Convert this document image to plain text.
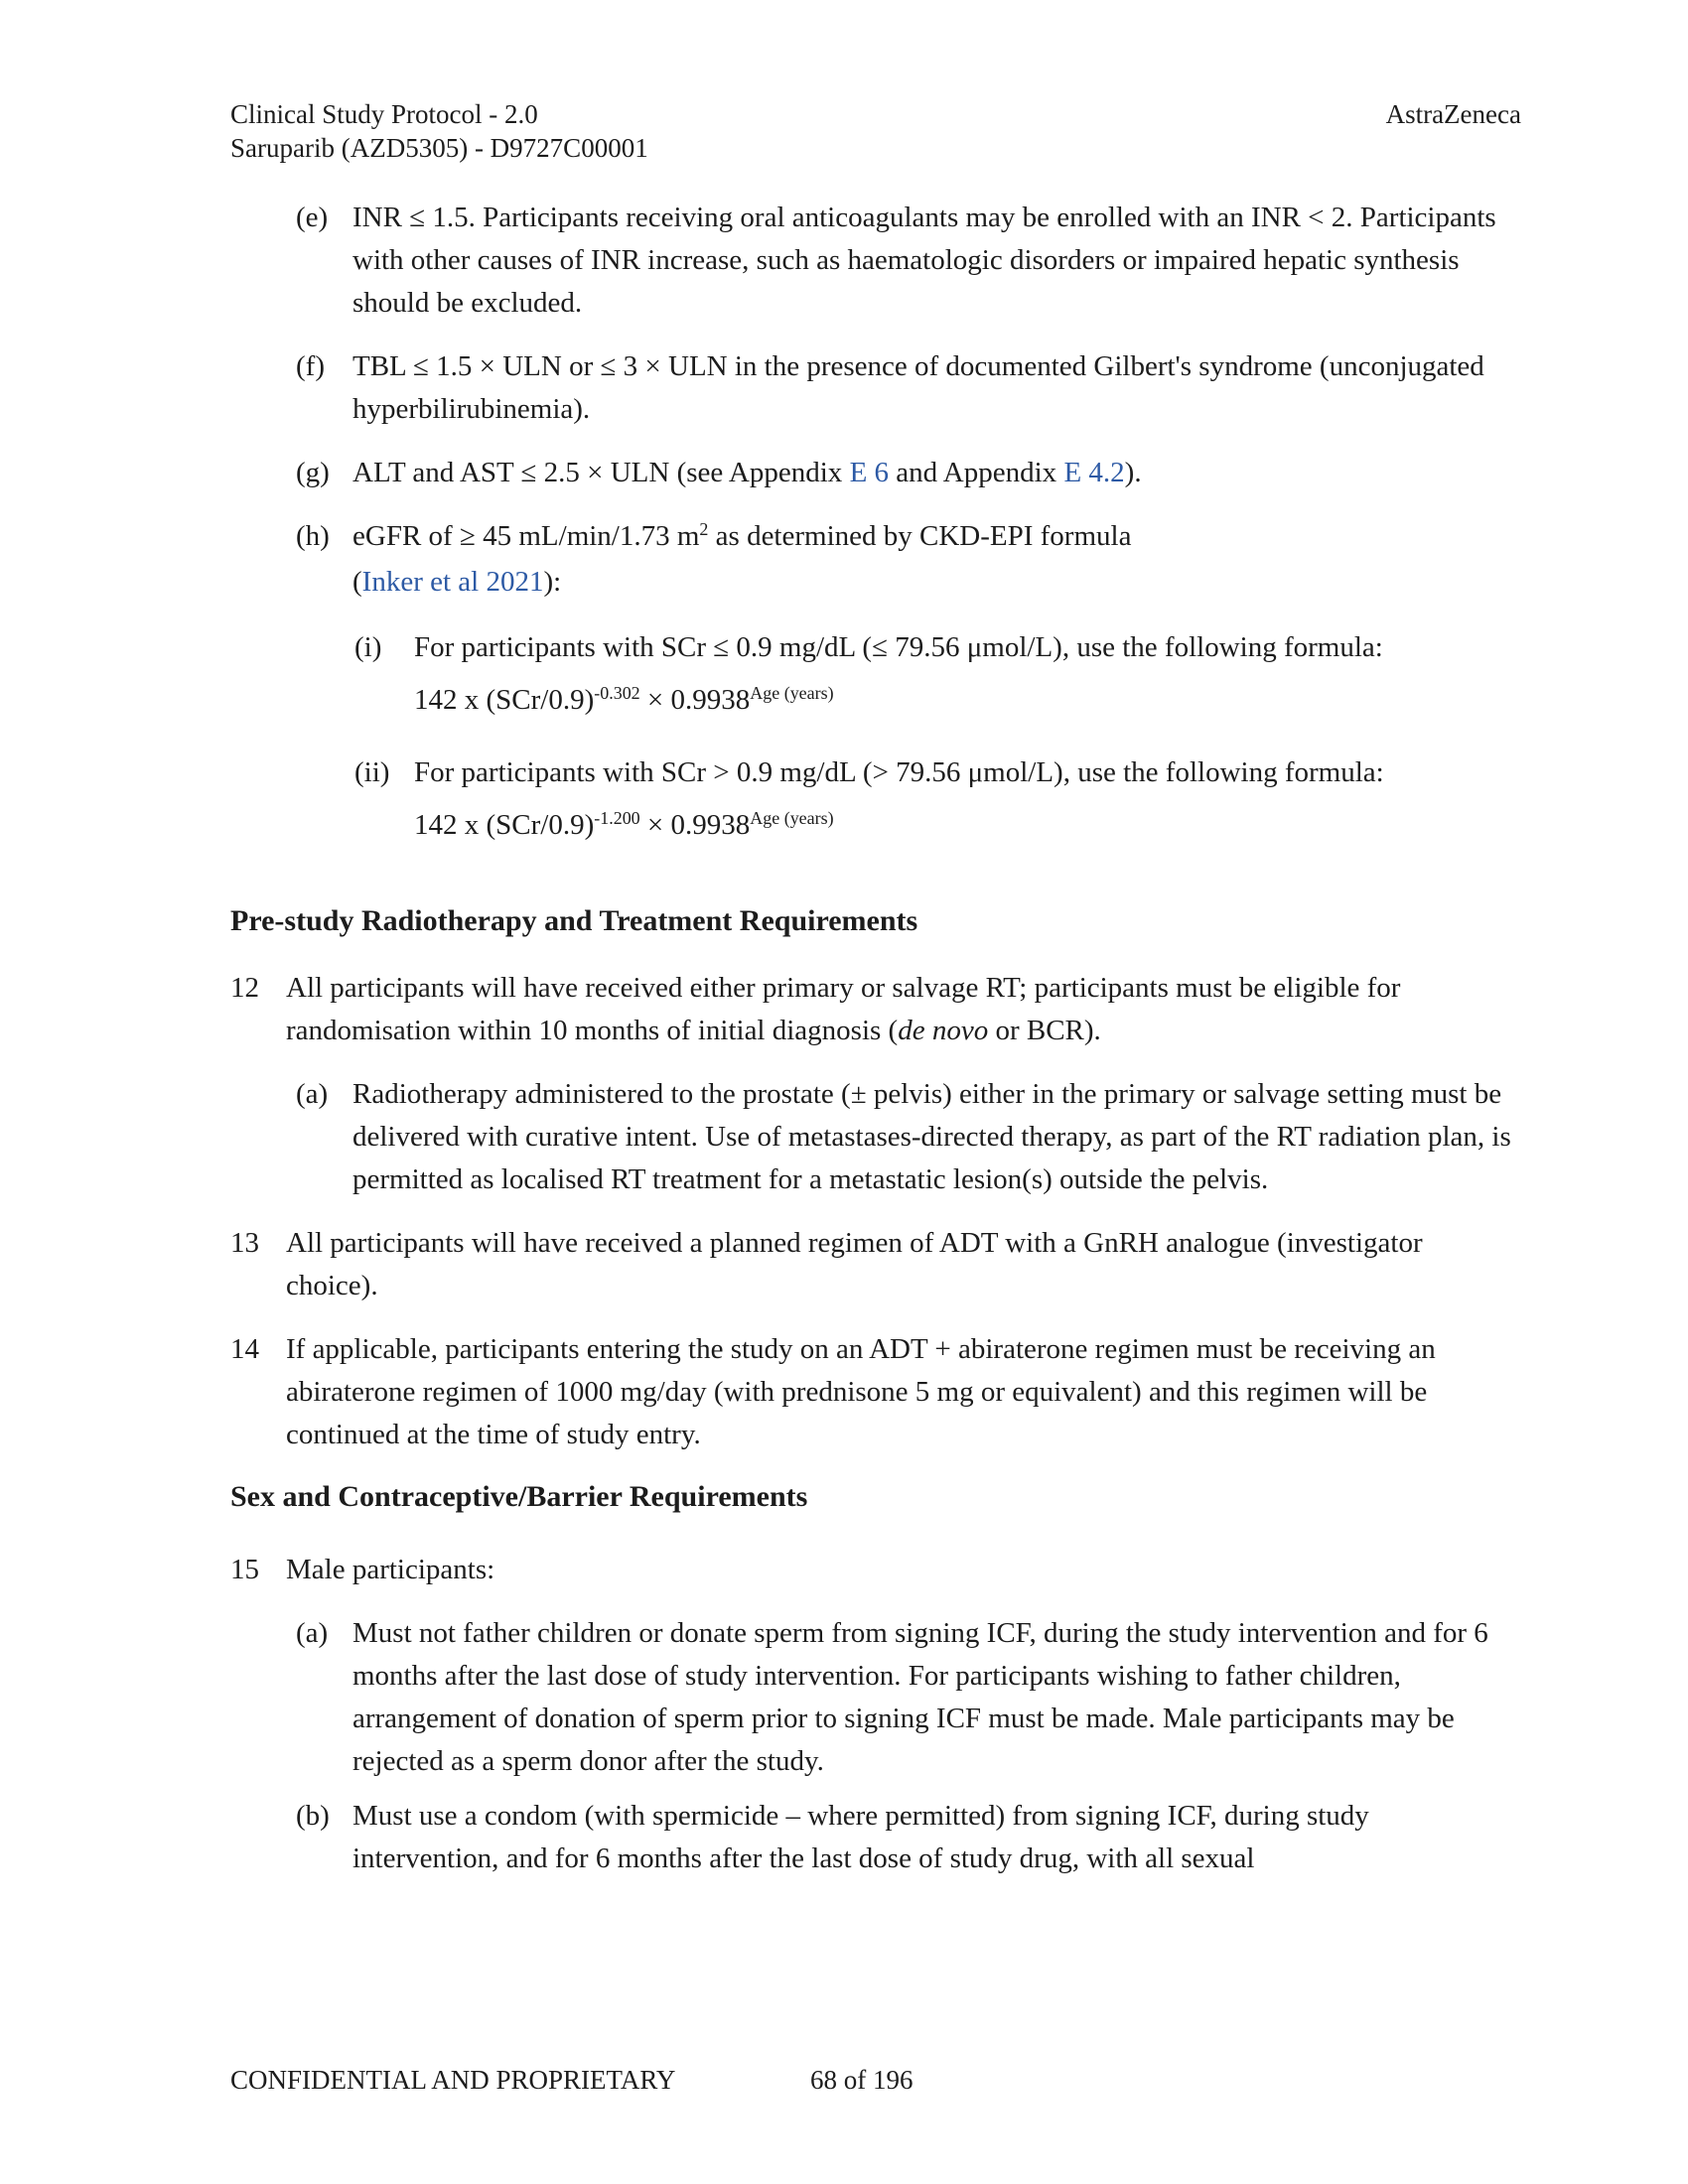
Clinical Study Protocol - 2.0
Saruparib (AZD5305) - D9727C00001
AstraZeneca
(e) INR ≤ 1.5. Participants receiving oral anticoagulants may be enrolled with an INR < 2. Participants with other causes of INR increase, such as haematologic disorders or impaired hepatic synthesis should be excluded.
(f) TBL ≤ 1.5 × ULN or ≤ 3 × ULN in the presence of documented Gilbert's syndrome (unconjugated hyperbilirubinemia).
(g) ALT and AST ≤ 2.5 × ULN (see Appendix E 6 and Appendix E 4.2).
(h) eGFR of ≥ 45 mL/min/1.73 $m^2$ as determined by CKD-EPI formula
(Inker et al 2021):
(i)	For participants with SCr ≤ 0.9 mg/dL (≤ 79.56 μmol/L), use the following formula:
142 x $(SCr/0.9)^{-0.302} \times 0.9938^{Age (years)}$
(ii) For participants with SCr > 0.9 mg/dL (> 79.56 μmol/L), use the following formula:
142 x $(SCr/0.9)^{-1.200} \times 0.9938^{Age (years)}$
Pre-study Radiotherapy and Treatment Requirements
12 All participants will have received either primary or salvage RT; participants must be eligible for randomisation within 10 months of initial diagnosis (de novo or BCR).
(a) Radiotherapy administered to the prostate (± pelvis) either in the primary or salvage setting must be delivered with curative intent. Use of metastases-directed therapy, as part of the RT radiation plan, is permitted as localised RT treatment for a metastatic lesion(s) outside the pelvis.
13 All participants will have received a planned regimen of ADT with a GnRH analogue (investigator choice).
14 If applicable, participants entering the study on an ADT + abiraterone regimen must be receiving an abiraterone regimen of 1000 mg/day (with prednisone 5 mg or equivalent) and this regimen will be continued at the time of study entry.
Sex and Contraceptive/Barrier Requirements
15 Male participants:
(a) Must not father children or donate sperm from signing ICF, during the study intervention and for 6 months after the last dose of study intervention. For participants wishing to father children, arrangement of donation of sperm prior to signing ICF must be made. Male participants may be rejected as a sperm donor after the study.
(b) Must use a condom (with spermicide – where permitted) from signing ICF, during study intervention, and for 6 months after the last dose of study drug, with all sexual
CONFIDENTIAL AND PROPRIETARY	68 of 196
